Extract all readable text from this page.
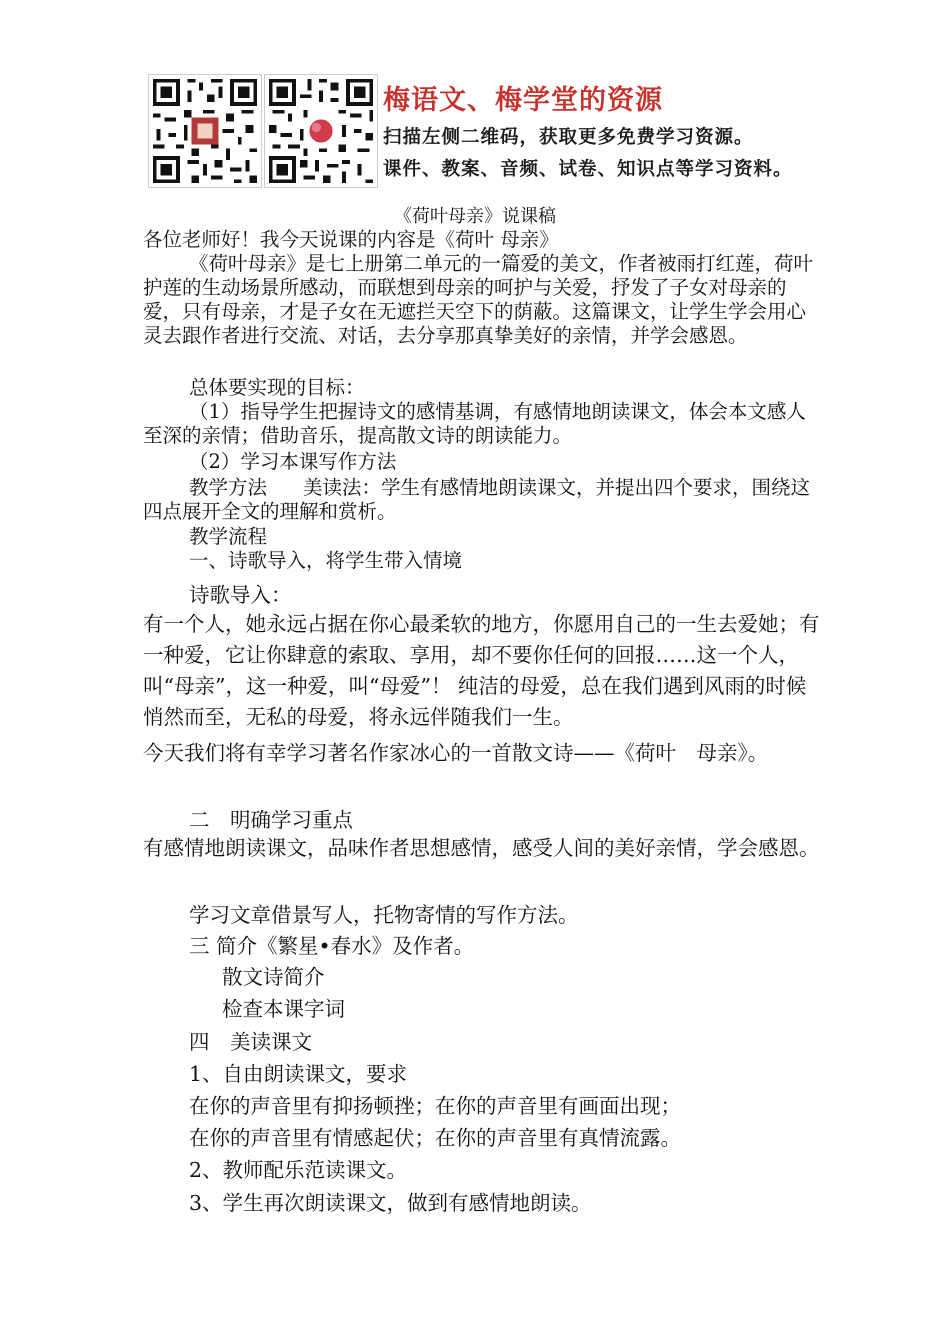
梅语文、梅学堂的资源
扫描左侧二维码，获取更多免费学习资源。
课件、教案、音频、试卷、知识点等学习资料。
《荷叶母亲》说课稿
各位老师好！我今天说课的内容是《荷叶 母亲》
《荷叶母亲》是七上册第二单元的一篇爱的美文，作者被雨打红莲，荷叶护莲的生动场景所感动，而联想到母亲的呵护与关爱，抒发了子女对母亲的爱，只有母亲，才是子女在无遮拦天空下的荫蔽。这篇课文，让学生学会用心灵去跟作者进行交流、对话，去分享那真挚美好的亲情，并学会感恩。
总体要实现的目标：
（1）指导学生把握诗文的感情基调，有感情地朗读课文，体会本文感人至深的亲情；借助音乐，提高散文诗的朗读能力。
（2）学习本课写作方法
教学方法 美读法：学生有感情地朗读课文，并提出四个要求，围绕这四点展开全文的理解和赏析。
教学流程
一、诗歌导入，将学生带入情境
诗歌导入：
有一个人，她永远占据在你心最柔软的地方，你愿用自己的一生去爱她；有一种爱，它让你肆意的索取、享用，却不要你任何的回报……这一个人，叫“母亲”，这一种爱，叫“母爱”！ 纯洁的母爱，总在我们遇到风雨的时候悄然而至，无私的母爱，将永远伴随我们一生。
今天我们将有幸学习著名作家冰心的一首散文诗——《荷叶　母亲》。
二　明确学习重点
有感情地朗读课文，品味作者思想感情，感受人间的美好亲情，学会感恩。
学习文章借景写人，托物寄情的写作方法。
三 简介《繁星•春水》及作者。
散文诗简介
检查本课字词
四　美读课文
1、自由朗读课文，要求
在你的声音里有抑扬顿挫；在你的声音里有画面出现；
在你的声音里有情感起伏；在你的声音里有真情流露。
2、教师配乐范读课文。
3、学生再次朗读课文，做到有感情地朗读。
